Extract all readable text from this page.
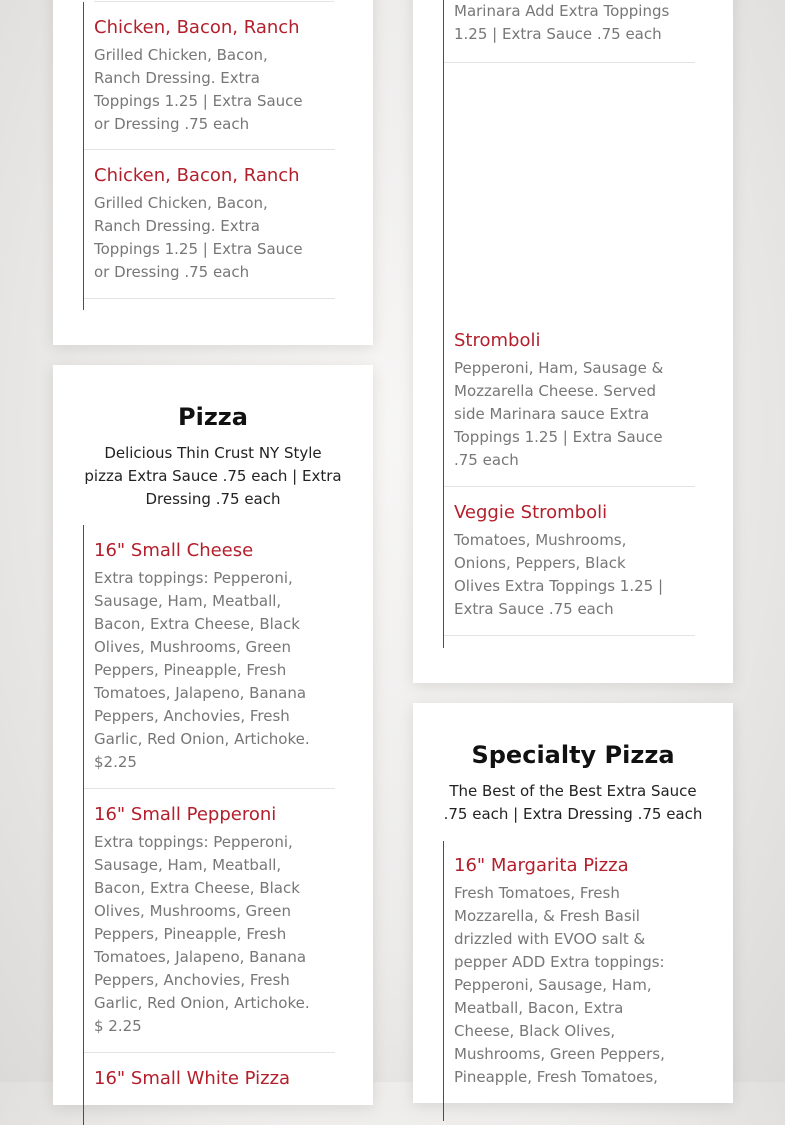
Chicken, Bacon, Ranch

Grilled Chicken, Bacon, Ranch Dressing. Extra Toppings 1.25 | Extra Sauce or Dressing .75 each

Chicken, Bacon, Ranch

Grilled Chicken, Bacon, Ranch Dressing. Extra Toppings 1.25 | Extra Sauce or Dressing .75 each

Pizza

Delicious Thin Crust NY Style pizza Extra Sauce .75 each | Extra Dressing .75 each

16" Small Cheese

Extra toppings: Pepperoni, Sausage, Ham, Meatball, Bacon, Extra Cheese, Black Olives, Mushrooms, Green Peppers, Pineapple, Fresh Tomatoes, Jalapeno, Banana Peppers, Anchovies, Fresh Garlic, Red Onion, Artichoke. $2.25

16" Small Pepperoni

Extra toppings: Pepperoni, Sausage, Ham, Meatball, Bacon, Extra Cheese, Black Olives, Mushrooms, Green Peppers, Pineapple, Fresh Tomatoes, Jalapeno, Banana Peppers, Anchovies, Fresh Garlic, Red Onion, Artichoke. $ 2.25

16" Small White Pizza

Marinara Add Extra Toppings 1.25 | Extra Sauce .75 each

Stromboli

Pepperoni, Ham, Sausage & Mozzarella Cheese. Served side Marinara sauce Extra Toppings 1.25 | Extra Sauce .75 each

Veggie Stromboli

Tomatoes, Mushrooms, Onions, Peppers, Black Olives Extra Toppings 1.25 | Extra Sauce .75 each

Specialty Pizza

The Best of the Best Extra Sauce .75 each | Extra Dressing .75 each

16" Margarita Pizza

Fresh Tomatoes, Fresh Mozzarella, & Fresh Basil drizzled with EVOO salt & pepper ADD Extra toppings: Pepperoni, Sausage, Ham, Meatball, Bacon, Extra Cheese, Black Olives, Mushrooms, Green Peppers, Pineapple, Fresh Tomatoes,
